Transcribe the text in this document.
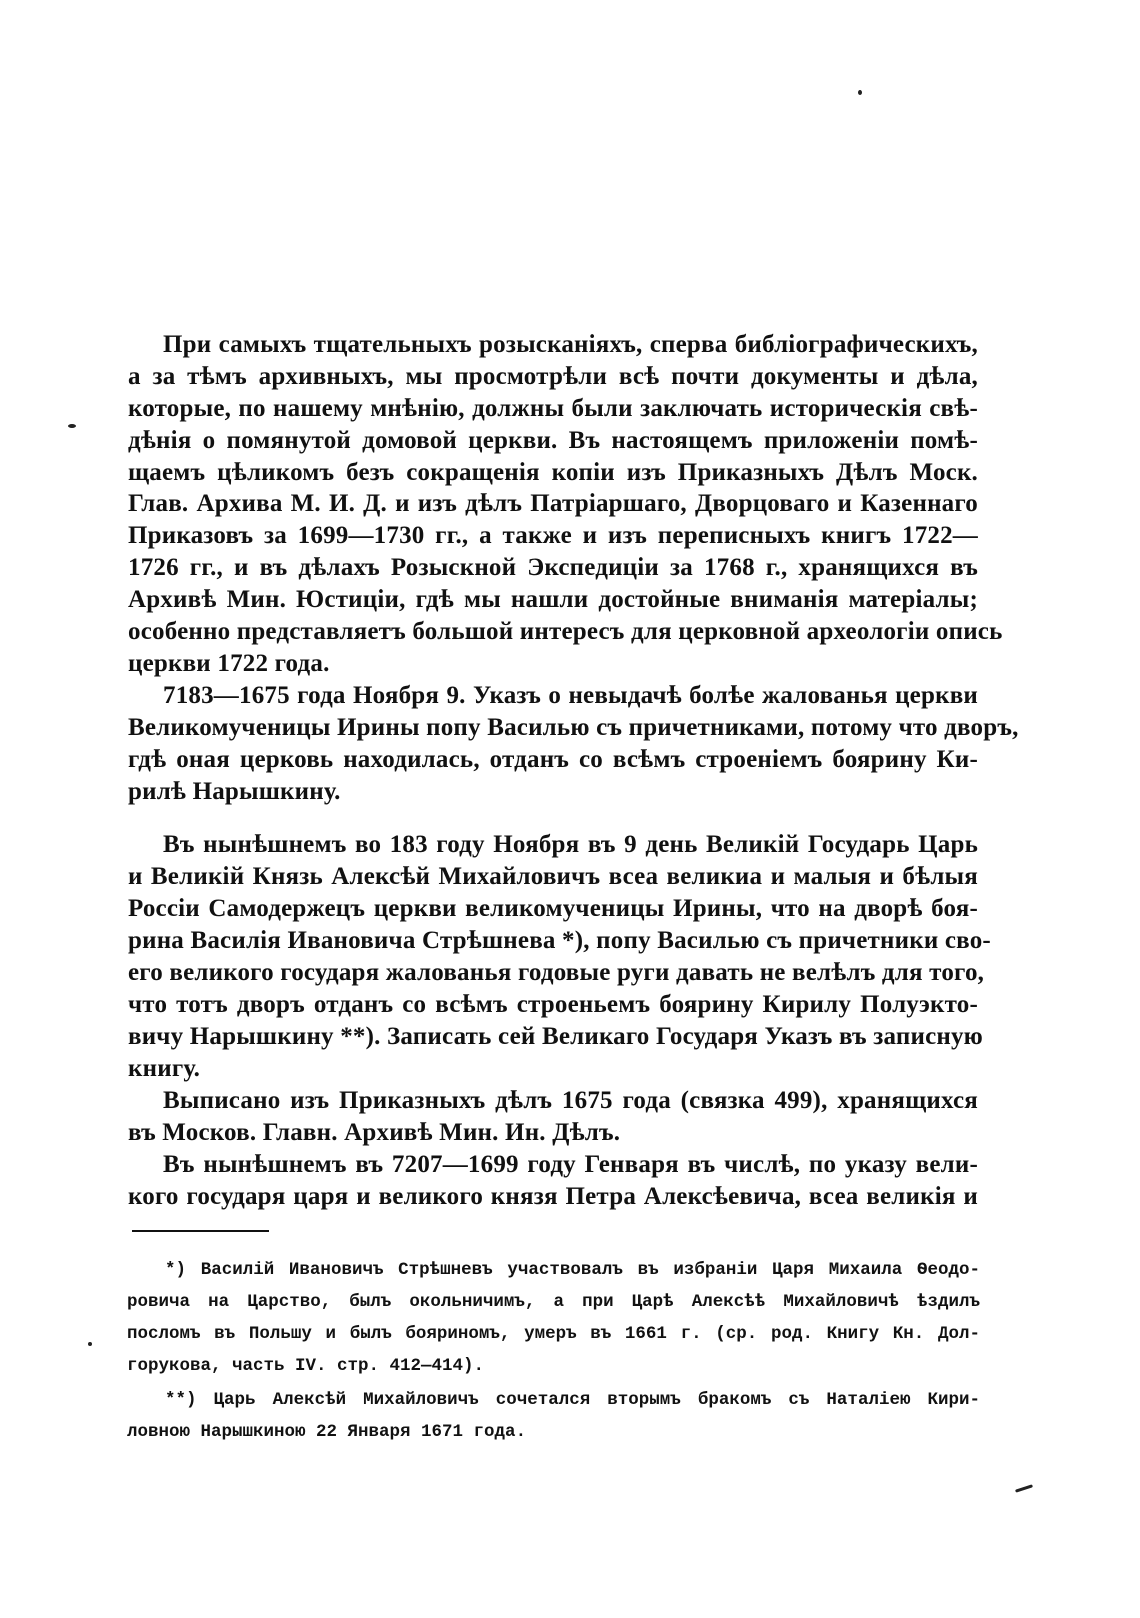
При самыхъ тщательныхъ розысканіяхъ, сперва библіографическихъ,
а за тѣмъ архивныхъ, мы просмотрѣли всѣ почти документы и дѣла,
которые, по нашему мнѣнію, должны были заключать историческія свѣ-
дѣнія о помянутой домовой церкви. Въ настоящемъ приложеніи помѣ-
щаемъ цѣликомъ безъ сокращенія копіи изъ Приказныхъ Дѣлъ Моск.
Глав. Архива М. И. Д. и изъ дѣлъ Патріаршаго, Дворцоваго и Казеннаго
Приказовъ за 1699—1730 гг., а также и изъ переписныхъ книгъ 1722—
1726 гг., и въ дѣлахъ Розыскной Экспедиціи за 1768 г., хранящихся въ
Архивѣ Мин. Юстиціи, гдѣ мы нашли достойные вниманія матеріалы;
особенно представляетъ большой интересъ для церковной археологіи опись
церкви 1722 года.
7183—1675 года Ноября 9. Указъ о невыдачѣ болѣе жалованья церкви
Великомученицы Ирины попу Василью съ причетниками, потому что дворъ,
гдѣ оная церковь находилась, отданъ со всѣмъ строеніемъ боярину Ки-
рилѣ Нарышкину.
Въ нынѣшнемъ во 183 году Ноября въ 9 день Великій Государь Царь
и Великій Князь Алексѣй Михайловичъ всеа великиа и малыя и бѣлыя
Россіи Самодержецъ церкви великомученицы Ирины, что на дворѣ боя-
рина Василія Ивановича Стрѣшнева *), попу Василью съ причетники сво-
его великого государя жалованья годовые руги давать не велѣлъ для того,
что тотъ дворъ отданъ со всѣмъ строеньемъ боярину Кирилу Полуэкто-
вичу Нарышкину **). Записать сей Великаго Государя Указъ въ записную
книгу.
Выписано изъ Приказныхъ дѣлъ 1675 года (связка 499), хранящихся
въ Москов. Главн. Архивѣ Мин. Ин. Дѣлъ.
Въ нынѣшнемъ въ 7207—1699 году Генваря въ числѣ, по указу вели-
кого государя царя и великого князя Петра Алексѣевича, всеа великія и
*) Василій Ивановичъ Стрѣшневъ участвовалъ въ избраніи Царя Михаила Ѳеодо-
ровича на Царство, былъ окольничимъ, а при Царѣ Алексѣѣ Михайловичѣ ѣздилъ
посломъ въ Польшу и былъ бояриномъ, умеръ въ 1661 г. (ср. род. Книгу Кн. Дол-
горукова, часть IV. стр. 412—414).
**) Царь Алексѣй Михайловичъ сочетался вторымъ бракомъ съ Наталіею Кири-
ловною Нарышкиною 22 Января 1671 года.
